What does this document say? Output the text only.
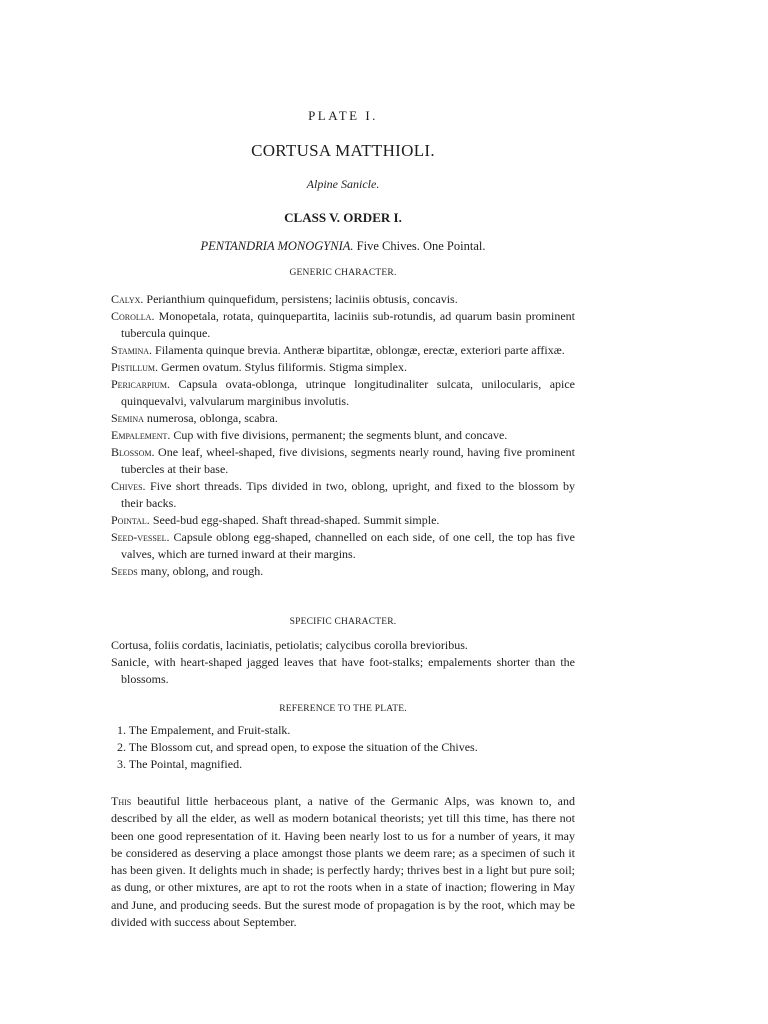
PLATE I.
CORTUSA MATTHIOLI.
Alpine Sanicle.
CLASS V. ORDER I.
PENTANDRIA MONOGYNIA. Five Chives. One Pointal.
GENERIC CHARACTER.

Calyx. Perianthium quinquefidum, persistens; laciniis obtusis, concavis.

Corolla. Monopetala, rotata, quinquepartita, laciniis sub-rotundis, ad quarum basin prominent tubercula quinque.

Stamina. Filamenta quinque brevia. Antheræ bipartitæ, oblongæ, erectæ, exteriori parte affixæ.

Pistillum. Germen ovatum. Stylus filiformis. Stigma simplex.

Pericarpium. Capsula ovata-oblonga, utrinque longitudinaliter sulcata, unilocularis, apice quinquevalvi, valvularum marginibus involutis.

Semina numerosa, oblonga, scabra.

Empalement. Cup with five divisions, permanent; the segments blunt, and concave.

Blossom. One leaf, wheel-shaped, five divisions, segments nearly round, having five prominent tubercles at their base.

Chives. Five short threads. Tips divided in two, oblong, upright, and fixed to the blossom by their backs.

Pointal. Seed-bud egg-shaped. Shaft thread-shaped. Summit simple.

Seed-vessel. Capsule oblong egg-shaped, channelled on each side, of one cell, the top has five valves, which are turned inward at their margins.

Seeds many, oblong, and rough.

SPECIFIC CHARACTER.

Cortusa, foliis cordatis, laciniatis, petiolatis; calycibus corolla brevioribus.

Sanicle, with heart-shaped jagged leaves that have foot-stalks; empalements shorter than the blossoms.

REFERENCE TO THE PLATE.
1. The Empalement, and Fruit-stalk.
2. The Blossom cut, and spread open, to expose the situation of the Chives.
3. The Pointal, magnified.

This beautiful little herbaceous plant, a native of the Germanic Alps, was known to, and described by all the elder, as well as modern botanical theorists; yet till this time, has there not been one good representation of it. Having been nearly lost to us for a number of years, it may be considered as deserving a place amongst those plants we deem rare; as a specimen of such it has been given. It delights much in shade; is perfectly hardy; thrives best in a light but pure soil; as dung, or other mixtures, are apt to rot the roots when in a state of inaction; flowering in May and June, and producing seeds. But the surest mode of propagation is by the root, which may be divided with success about September.
